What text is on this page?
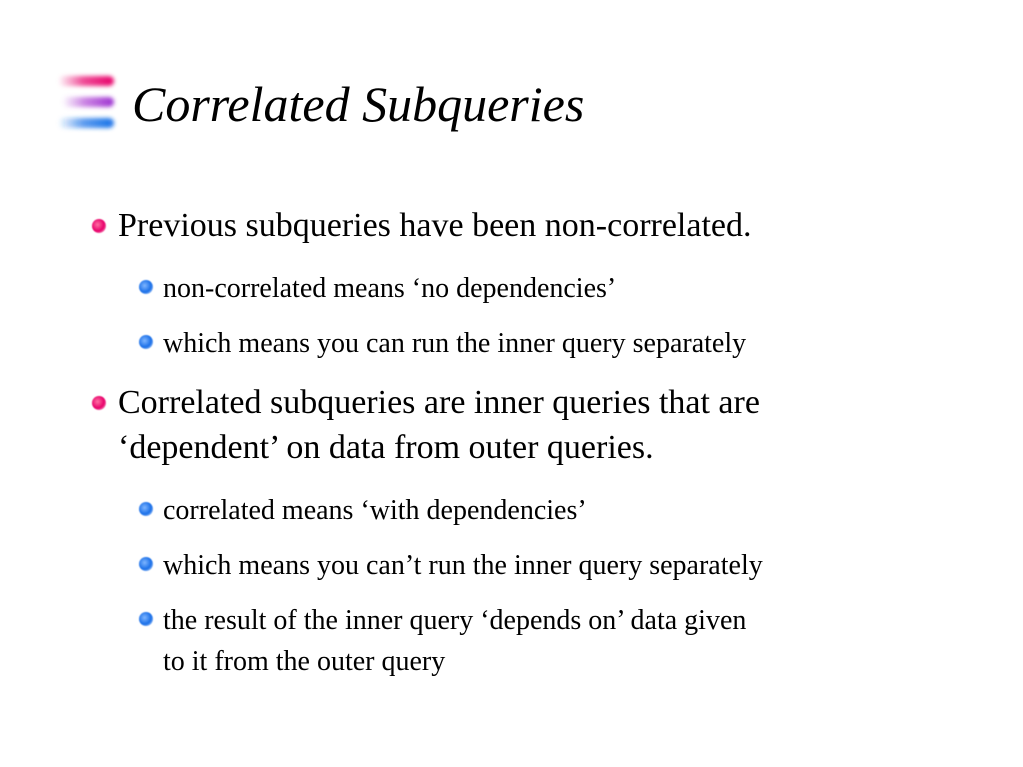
Correlated Subqueries
Previous subqueries have been non-correlated.
non-correlated means ‘no dependencies’
which means you can run the inner query separately
Correlated subqueries are inner queries that are
‘dependent’ on data from outer queries.
correlated means ‘with dependencies’
which means you can’t run the inner query separately
the result of the inner query ‘depends on’ data given
to it from the outer query
